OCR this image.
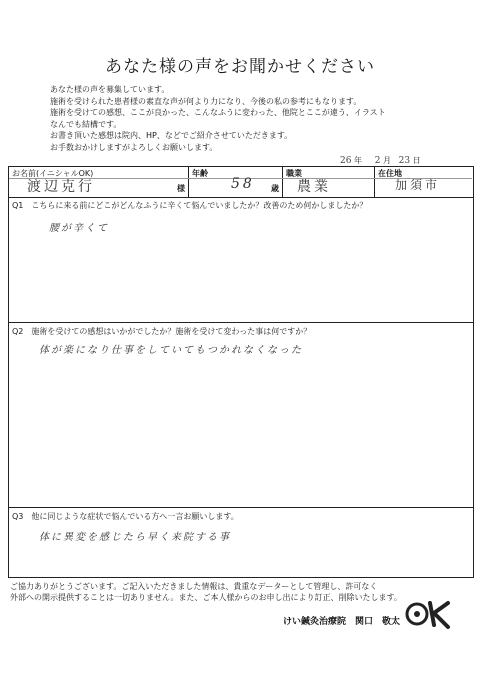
あなた様の声をお聞かせください
あなた様の声を募集しています。
施術を受けられた患者様の素直な声が何より力になり、今後の私の参考にもなります。
施術を受けての感想、ここが良かった、こんなふうに変わった、他院とここが違う、イラスト
なんでも結構です。
お書き頂いた感想は院内、HP、などでご紹介させていただきます。
お手数おかけしますがよろしくお願いします。
26 年 2 月 23 日
お名前(イニシャルOK)
渡辺克行	様
年齢
58 歳
職業
農業
在住地
加須市
Q1　こちらに来る前にどこがどんなふうに辛くて悩んでいましたか？改善のため何かしましたか？
腰が辛くて
Q2　施術を受けての感想はいかがでしたか？施術を受けて変わった事は何ですか？
体が楽になり仕事をしていてもつかれなくなった
Q3　他に同じような症状で悩んでいる方へ一言お願いします。
体に異変を感じたら早く来院する事
ご協力ありがとうございます。ご記入いただきました情報は、貴重なデーターとして管理し、許可なく
外部への開示提供することは一切ありません。また、ご本人様からのお申し出により訂正、削除いたします。
けい鍼灸治療院　関口　敬太
